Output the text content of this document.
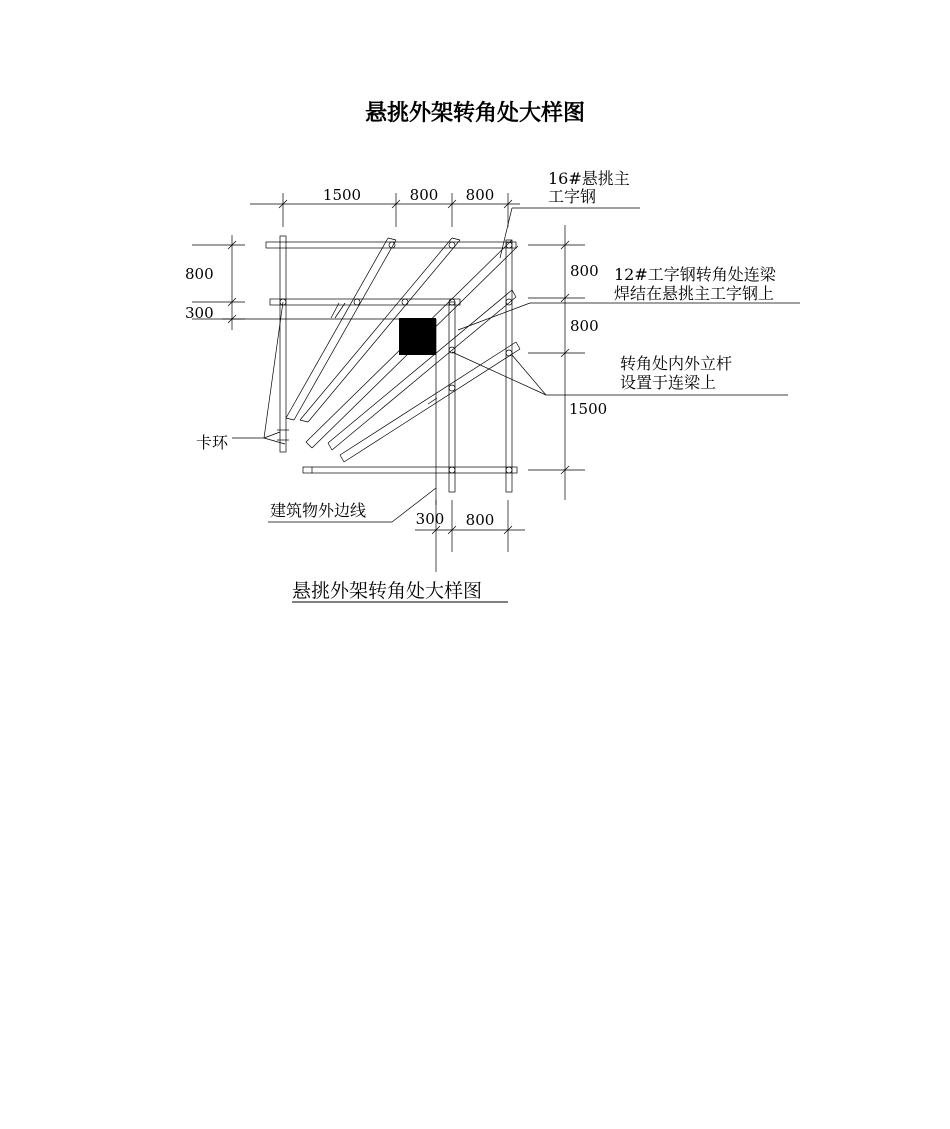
悬挑外架转角处大样图
1500	800 800
800
300
800
800
1500
300 800
16#悬挑主
工字钢
12#工字钢转角处连梁
焊结在悬挑主工字钢上
转角处内外立杆
设置于连梁上
卡环
建筑物外边线
悬挑外架转角处大样图
